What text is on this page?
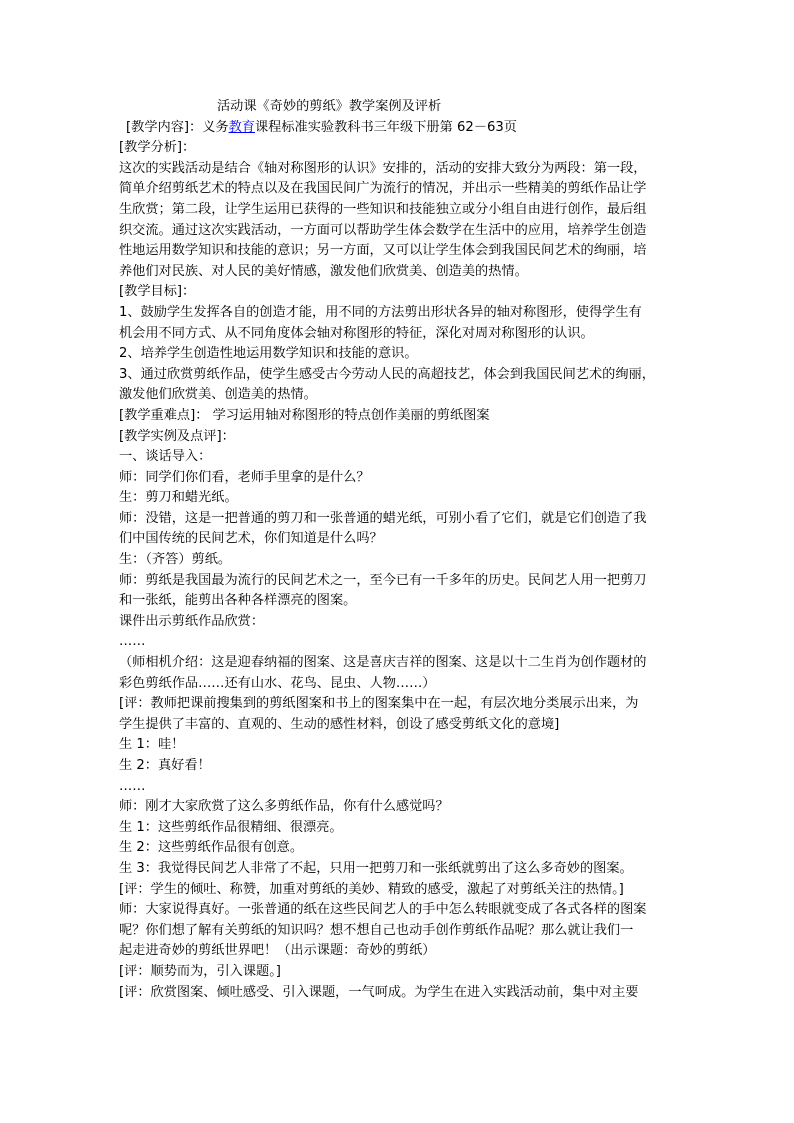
活动课《奇妙的剪纸》教学案例及评析
[教学内容]：义务教育课程标准实验教科书三年级下册第 62－63页
[教学分析]：
这次的实践活动是结合《轴对称图形的认识》安排的，活动的安排大致分为两段：第一段，
简单介绍剪纸艺术的特点以及在我国民间广为流行的情况，并出示一些精美的剪纸作品让学
生欣赏；第二段，让学生运用已获得的一些知识和技能独立或分小组自由进行创作，最后组
织交流。通过这次实践活动，一方面可以帮助学生体会数学在生活中的应用，培养学生创造
性地运用数学知识和技能的意识；另一方面，又可以让学生体会到我国民间艺术的绚丽，培
养他们对民族、对人民的美好情感，激发他们欣赏美、创造美的热情。
[教学目标]：
1、鼓励学生发挥各自的创造才能，用不同的方法剪出形状各异的轴对称图形，使得学生有
机会用不同方式、从不同角度体会轴对称图形的特征，深化对周对称图形的认识。
2、培养学生创造性地运用数学知识和技能的意识。
3、通过欣赏剪纸作品，使学生感受古今劳动人民的高超技艺，体会到我国民间艺术的绚丽，
激发他们欣赏美、创造美的热情。
[教学重难点]： 学习运用轴对称图形的特点创作美丽的剪纸图案
[教学实例及点评]：
一、谈话导入：
师：同学们你们看，老师手里拿的是什么？
生：剪刀和蜡光纸。
师：没错，这是一把普通的剪刀和一张普通的蜡光纸，可别小看了它们，就是它们创造了我
们中国传统的民间艺术，你们知道是什么吗？
生：（齐答）剪纸。
师：剪纸是我国最为流行的民间艺术之一，至今已有一千多年的历史。民间艺人用一把剪刀
和一张纸，能剪出各种各样漂亮的图案。
课件出示剪纸作品欣赏：
……
（师相机介绍：这是迎春纳福的图案、这是喜庆吉祥的图案、这是以十二生肖为创作题材的
彩色剪纸作品……还有山水、花鸟、昆虫、人物……）
[评：教师把课前搜集到的剪纸图案和书上的图案集中在一起，有层次地分类展示出来，为
学生提供了丰富的、直观的、生动的感性材料，创设了感受剪纸文化的意境]
生 1：哇！
生 2：真好看！
……
师：刚才大家欣赏了这么多剪纸作品，你有什么感觉吗？
生 1：这些剪纸作品很精细、很漂亮。
生 2：这些剪纸作品很有创意。
生 3：我觉得民间艺人非常了不起，只用一把剪刀和一张纸就剪出了这么多奇妙的图案。
[评：学生的倾吐、称赞，加重对剪纸的美妙、精致的感受，激起了对剪纸关注的热情。]
师：大家说得真好。一张普通的纸在这些民间艺人的手中怎么转眼就变成了各式各样的图案
呢？你们想了解有关剪纸的知识吗？想不想自己也动手创作剪纸作品呢？那么就让我们一
起走进奇妙的剪纸世界吧！（出示课题：奇妙的剪纸）
[评：顺势而为，引入课题。]
[评：欣赏图案、倾吐感受、引入课题，一气呵成。为学生在进入实践活动前，集中对主要
